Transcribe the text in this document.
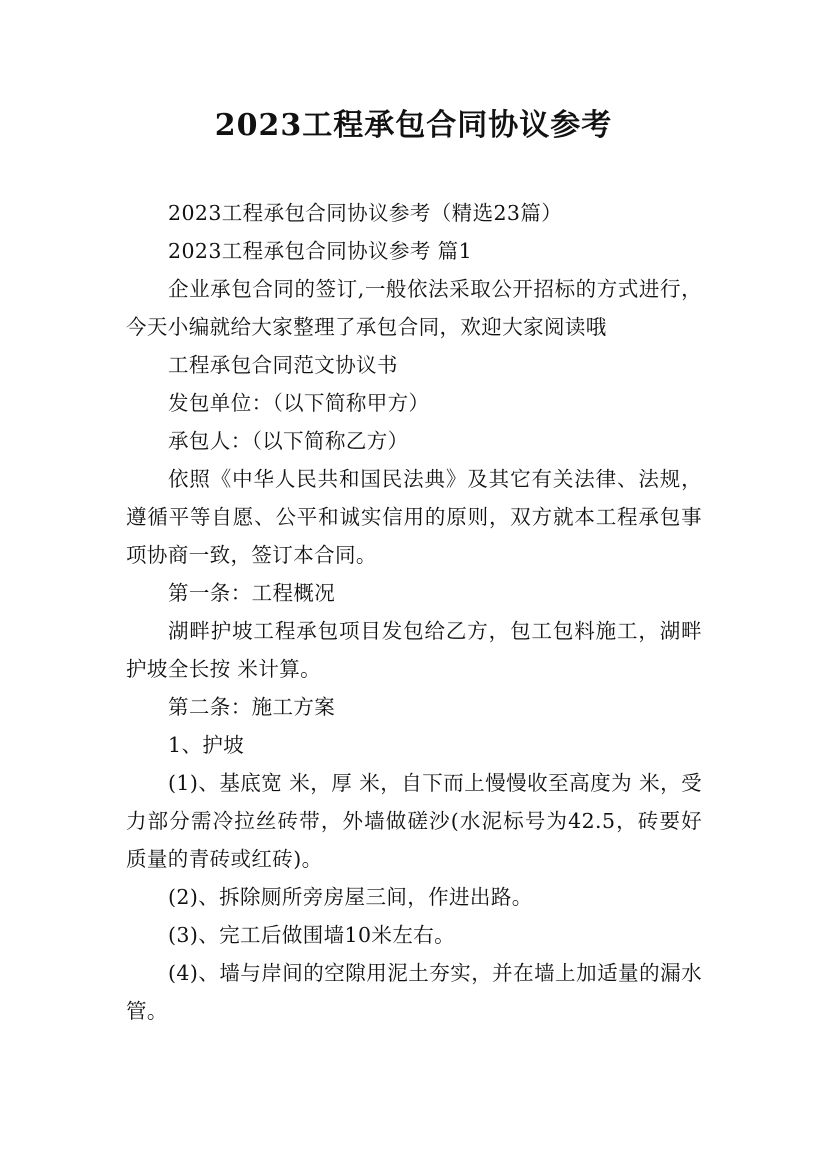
2023工程承包合同协议参考

2023工程承包合同协议参考（精选23篇）

2023工程承包合同协议参考 篇1

企业承包合同的签订,一般依法采取公开招标的方式进行，今天小编就给大家整理了承包合同，欢迎大家阅读哦

工程承包合同范文协议书

发包单位：（以下简称甲方）

承包人：（以下简称乙方）

依照《中华人民共和国民法典》及其它有关法律、法规，遵循平等自愿、公平和诚实信用的原则，双方就本工程承包事项协商一致，签订本合同。

第一条：工程概况

湖畔护坡工程承包项目发包给乙方，包工包料施工，湖畔护坡全长按 米计算。

第二条：施工方案

1、护坡

(1)、基底宽 米，厚 米，自下而上慢慢收至高度为 米，受力部分需冷拉丝砖带，外墙做磋沙(水泥标号为42.5，砖要好质量的青砖或红砖)。

(2)、拆除厕所旁房屋三间，作进出路。

(3)、完工后做围墙10米左右。

(4)、墙与岸间的空隙用泥土夯实，并在墙上加适量的漏水管。
